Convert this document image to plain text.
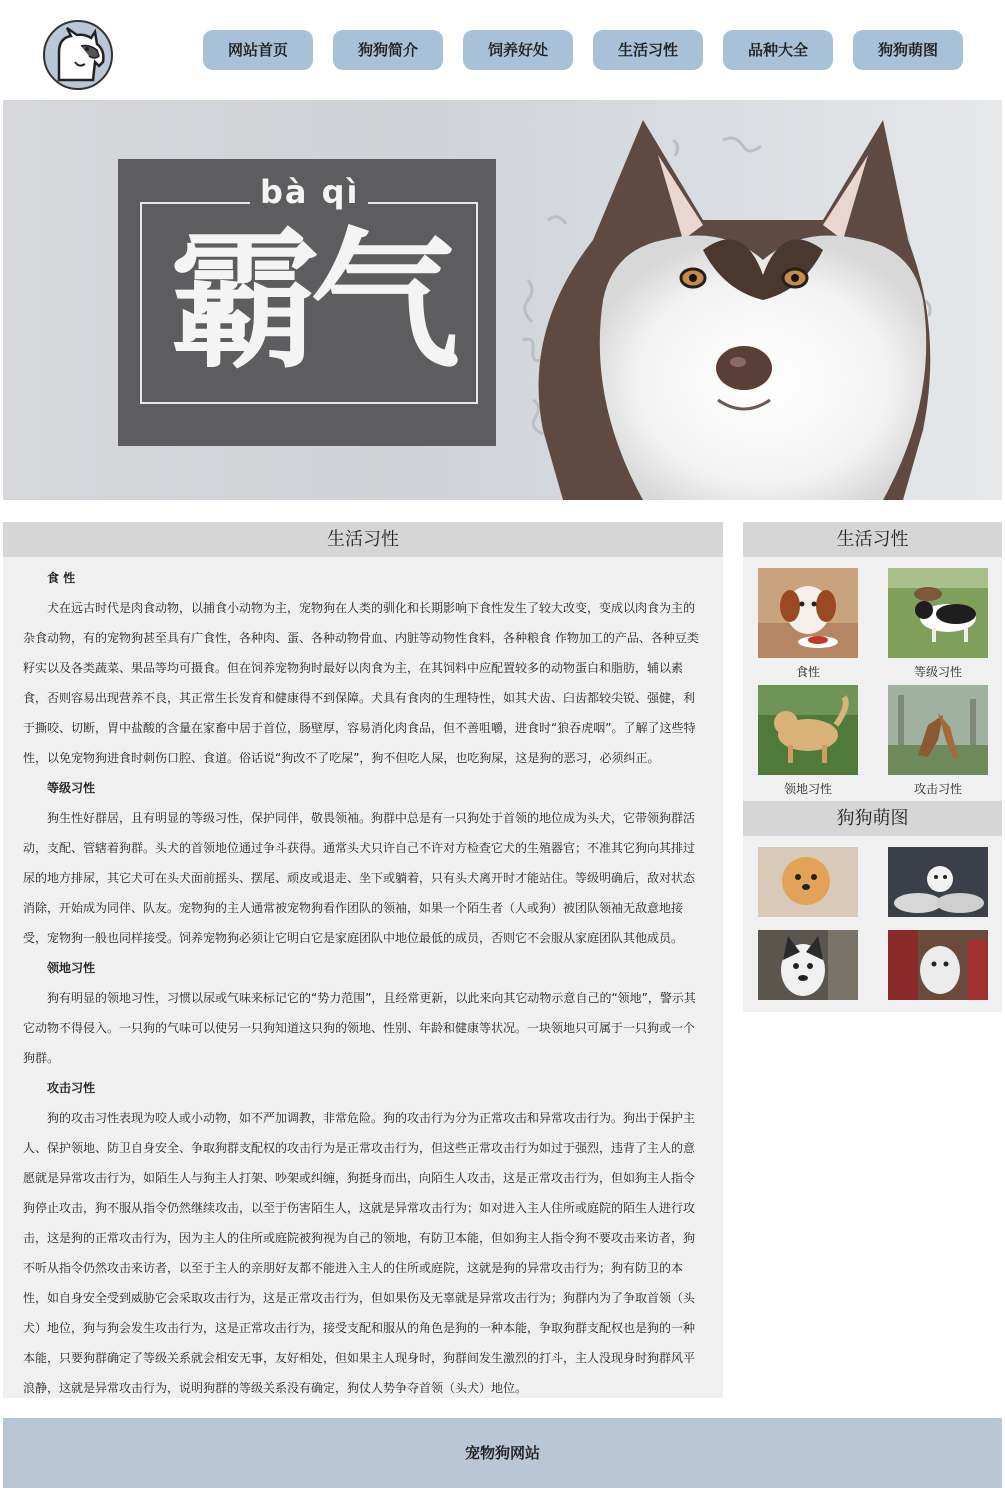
网站首页	狗狗简介	饲养好处	生活习性	品种大全	狗狗萌图
bà qì
霸气
生活习性
食 性

犬在远古时代是肉食动物，以捕食小动物为主，宠物狗在人类的驯化和长期影响下食性发生了较大改变，变成以肉食为主的杂食动物，有的宠物狗甚至具有广食性，各种肉、蛋、各种动物骨血、内脏等动物性食料，各种粮食 作物加工的产品、各种豆类籽实以及各类蔬菜、果品等均可摄食。但在饲养宠物狗时最好以肉食为主，在其饲料中应配置较多的动物蛋白和脂肪，辅以素食，否则容易出现营养不良，其正常生长发育和健康得不到保障。犬具有食肉的生理特性，如其犬齿、臼齿都较尖锐、强健，利于撕咬、切断，胃中盐酸的含量在家畜中居于首位，肠壁厚，容易消化肉食品，但不善咀嚼，进食时“狼吞虎咽”。了解了这些特性，以免宠物狗进食时刺伤口腔、食道。俗话说“狗改不了吃屎”，狗不但吃人屎，也吃狗屎，这是狗的恶习，必须纠正。

等级习性

狗生性好群居，且有明显的等级习性，保护同伴，敬畏领袖。狗群中总是有一只狗处于首领的地位成为头犬，它带领狗群活动，支配、管辖着狗群。头犬的首领地位通过争斗获得。通常头犬只许自己不许对方检查它犬的生殖器官；不准其它狗向其排过尿的地方排尿，其它犬可在头犬面前摇头、摆尾、顽皮或退走、坐下或躺着，只有头犬离开时才能站住。等级明确后，敌对状态消除，开始成为同伴、队友。宠物狗的主人通常被宠物狗看作团队的领袖，如果一个陌生者（人或狗）被团队领袖无敌意地接受，宠物狗一般也同样接受。饲养宠物狗必须让它明白它是家庭团队中地位最低的成员，否则它不会服从家庭团队其他成员。

领地习性

狗有明显的领地习性，习惯以尿或气味来标记它的“势力范围”，且经常更新，以此来向其它动物示意自己的“领地”，警示其它动物不得侵入。一只狗的气味可以使另一只狗知道这只狗的领地、性别、年龄和健康等状况。一块领地只可属于一只狗或一个狗群。

攻击习性

狗的攻击习性表现为咬人或小动物，如不严加调教，非常危险。狗的攻击行为分为正常攻击和异常攻击行为。狗出于保护主人、保护领地、防卫自身安全、争取狗群支配权的攻击行为是正常攻击行为，但这些正常攻击行为如过于强烈，违背了主人的意愿就是异常攻击行为，如陌生人与狗主人打架、吵架或纠缠，狗挺身而出，向陌生人攻击，这是正常攻击行为，但如狗主人指令狗停止攻击，狗不服从指令仍然继续攻击，以至于伤害陌生人，这就是异常攻击行为；如对进入主人住所或庭院的陌生人进行攻击，这是狗的正常攻击行为，因为主人的住所或庭院被狗视为自己的领地，有防卫本能，但如狗主人指令狗不要攻击来访者，狗不听从指令仍然攻击来访者，以至于主人的亲朋好友都不能进入主人的住所或庭院，这就是狗的异常攻击行为；狗有防卫的本性，如自身安全受到威胁它会采取攻击行为，这是正常攻击行为，但如果伤及无辜就是异常攻击行为；狗群内为了争取首领（头犬）地位，狗与狗会发生攻击行为，这是正常攻击行为，接受支配和服从的角色是狗的一种本能，争取狗群支配权也是狗的一种本能，只要狗群确定了等级关系就会相安无事，友好相处，但如果主人现身时，狗群间发生激烈的打斗，主人没现身时狗群风平浪静，这就是异常攻击行为，说明狗群的等级关系没有确定，狗仗人势争夺首领（头犬）地位。

生活习性
食性	等级习性
领地习性	攻击习性
狗狗萌图
宠物狗网站
